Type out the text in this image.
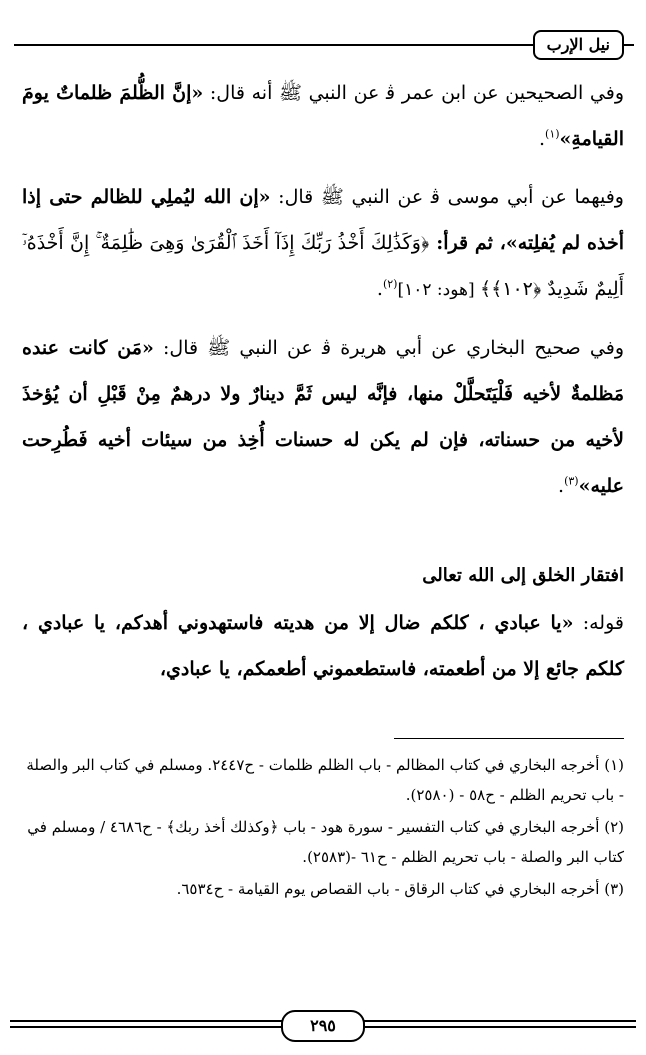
نيل الإرب

وفي الصحيحين عن ابن عمر ﭬ عن النبي ﷺ أنه قال: «إنَّ الظُّلمَ ظلماتٌ يومَ القيامةِ»$^{(١)}$.

وفيهما عن أبي موسى ﭬ عن النبي ﷺ قال: «إن الله ليُملِي للظالم حتى إذا أخذه لم يُفلِته»، ثم قرأ: ﴿وَكَذَٰلِكَ أَخْذُ رَبِّكَ إِذَآ أَخَذَ ٱلْقُرَىٰ وَهِىَ ظَٰلِمَةٌ ۚ إِنَّ أَخْذَهُۥٓ أَلِيمٌ شَدِيدٌ ﴿١٠٢﴾﴾ [هود: ١٠٢]$^{(٢)}$.

وفي صحيح البخاري عن أبي هريرة ﭬ عن النبي ﷺ قال: «مَن كانت عنده مَظلمةٌ لأخيه فَلْيَتَحلَّلْ منها، فإنَّه ليس ثَمَّ دينارٌ ولا درهمٌ مِنْ قَبْلِ أن يُؤخذَ لأخيه من حسناته، فإن لم يكن له حسنات أُخِذ من سيئات أخيه فَطُرِحت عليه»$^{(٣)}$.

افتقار الخلق إلى الله تعالى

قوله: «يا عبادي ، كلكم ضال إلا من هديته فاستهدوني أهدكم، يا عبادي ، كلكم جائع إلا من أطعمته، فاستطعموني أطعمكم، يا عبادي،

(١) أخرجه البخاري في كتاب المظالم - باب الظلم ظلمات - ح٢٤٤٧. ومسلم في كتاب البر والصلة - باب تحريم الظلم - ح٥٨ - (٢٥٨٠).

(٢) أخرجه البخاري في كتاب التفسير - سورة هود - باب ﴿وكذلك أخذ ربك﴾ - ح٤٦٨٦ / ومسلم في كتاب البر والصلة - باب تحريم الظلم - ح٦١ -(٢٥٨٣).

(٣) أخرجه البخاري في كتاب الرقاق - باب القصاص يوم القيامة - ح٦٥٣٤.

٢٩٥
